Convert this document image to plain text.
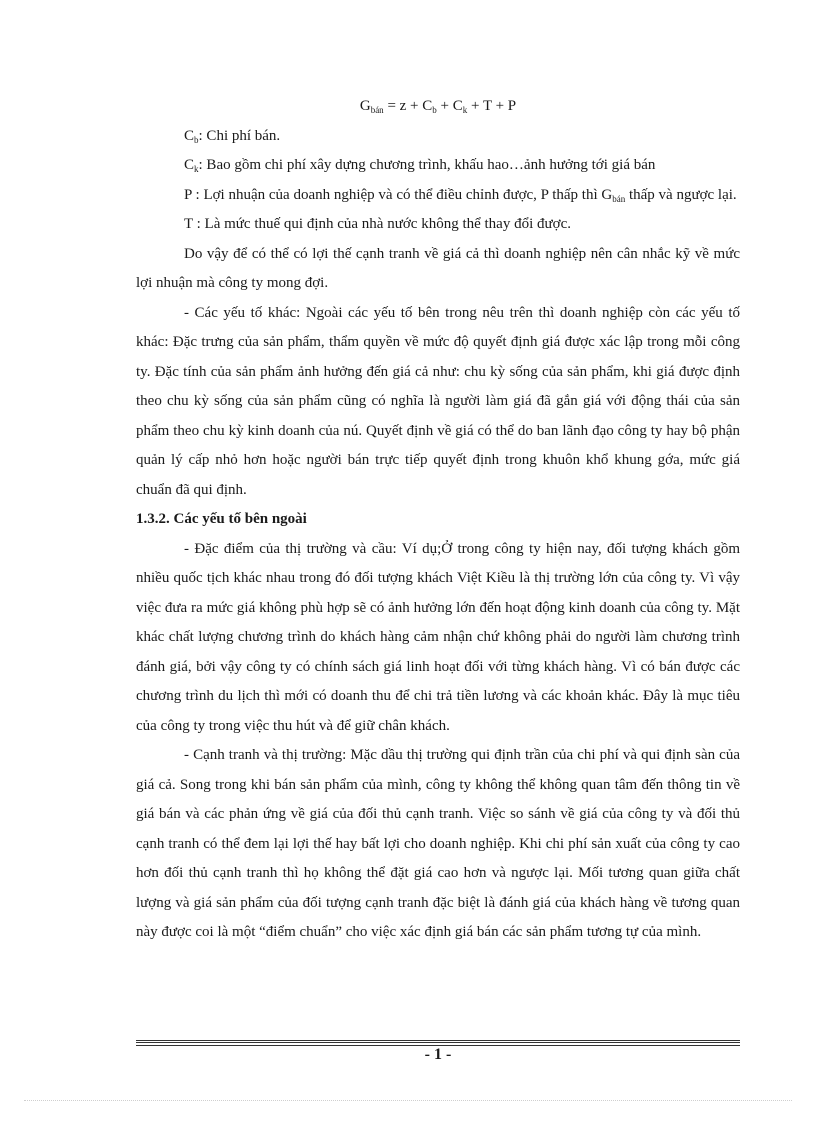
$G_{bán} = z + C_b + C_k + T + P$

$C_b$: Chi phí bán.

$C_k$: Bao gồm chi phí xây dựng chương trình, khấu hao…ảnh hưởng tới giá bán

P : Lợi nhuận của doanh nghiệp và có thể điều chỉnh được, P thấp thì $G_{bán}$ thấp và ngược lại.

T : Là mức thuế qui định của nhà nước không thể thay đổi được.

Do vậy để có thể có lợi thế cạnh tranh về giá cả thì doanh nghiệp nên cân nhắc kỹ về mức lợi nhuận mà công ty mong đợi.

- Các yếu tố khác: Ngoài các yếu tố bên trong nêu trên thì doanh nghiệp còn các yếu tố khác: Đặc trưng của sản phẩm, thẩm quyền về mức độ quyết định giá được xác lập trong mỗi công ty. Đặc tính của sản phẩm ảnh hưởng đến giá cả như: chu kỳ sống của sản phẩm, khi giá được định theo chu kỳ sống của sản phẩm cũng có nghĩa là người làm giá đã gắn giá với động thái của sản phẩm theo chu kỳ kinh doanh của nú. Quyết định về giá có thể do ban lãnh đạo công ty hay bộ phận quản lý cấp nhỏ hơn hoặc người bán trực tiếp quyết định trong khuôn khổ khung gớa, mức giá chuẩn đã qui định.

1.3.2. Các yếu tố bên ngoài

- Đặc điểm của thị trường và cầu: Ví dụ;Ở trong công ty hiện nay, đối tượng khách gồm nhiều quốc tịch khác nhau trong đó đối tượng khách Việt Kiều là thị trường lớn của công ty. Vì vậy việc đưa ra mức giá không phù hợp sẽ có ảnh hưởng lớn đến hoạt động kinh doanh của công ty. Mặt khác chất lượng chương trình do khách hàng cảm nhận chứ không phải do người làm chương trình đánh giá, bởi vậy công ty có chính sách giá linh hoạt đối với từng khách hàng. Vì có bán được các chương trình du lịch thì mới có doanh thu để chi trả tiền lương và các khoản khác. Đây là mục tiêu của công ty trong việc thu hút và để giữ chân khách.

- Cạnh tranh và thị trường: Mặc dầu thị trường qui định trần của chi phí và qui định sàn của giá cả. Song trong khi bán sản phẩm của mình, công ty không thể không quan tâm đến thông tin về giá bán và các phản ứng về giá của đối thủ cạnh tranh. Việc so sánh về giá của công ty và đối thủ cạnh tranh có thể đem lại lợi thế hay bất lợi cho doanh nghiệp. Khi chi phí sản xuất của công ty cao hơn đối thủ cạnh tranh thì họ không thể đặt giá cao hơn và ngược lại. Mối tương quan giữa chất lượng và giá sản phẩm của đối tượng cạnh tranh đặc biệt là đánh giá của khách hàng về tương quan này được coi là một “điểm chuẩn” cho việc xác định giá bán các sản phẩm tương tự của mình.

- 1 -
